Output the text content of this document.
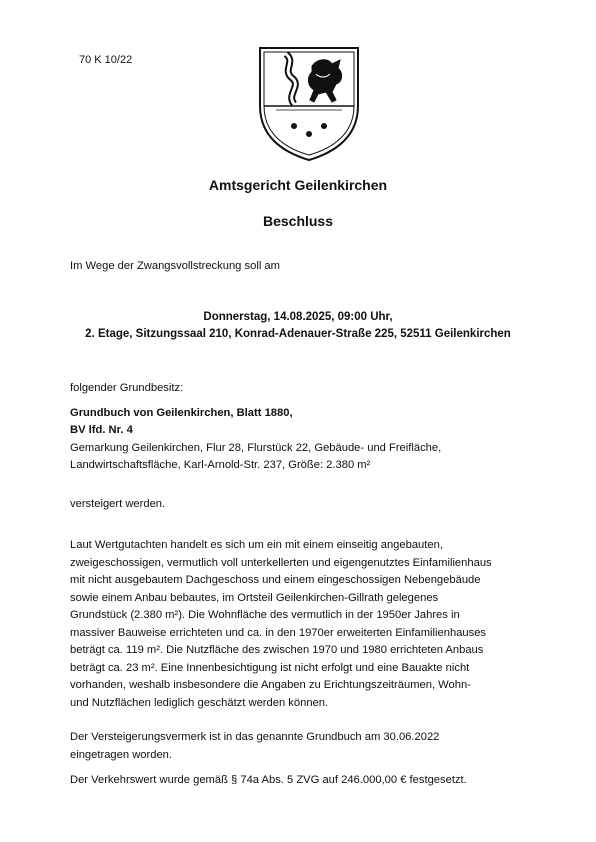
70 K 10/22
Amtsgericht Geilenkirchen
Beschluss
Im Wege der Zwangsvollstreckung soll am
Donnerstag, 14.08.2025, 09:00 Uhr,
2. Etage, Sitzungssaal 210, Konrad-Adenauer-Straße 225, 52511 Geilenkirchen
folgender Grundbesitz:
Grundbuch von Geilenkirchen, Blatt 1880,
BV lfd. Nr. 4
Gemarkung Geilenkirchen, Flur 28, Flurstück 22, Gebäude- und Freifläche,
Landwirtschaftsfläche, Karl-Arnold-Str. 237, Größe: 2.380 m²
versteigert werden.
Laut Wertgutachten handelt es sich um ein mit einem einseitig angebauten,
zweigeschossigen, vermutlich voll unterkellerten und eigengenutztes Einfamilienhaus
mit nicht ausgebautem Dachgeschoss und einem eingeschossigen Nebengebäude
sowie einem Anbau bebautes, im Ortsteil Geilenkirchen-Gillrath gelegenes
Grundstück (2.380 m²). Die Wohnfläche des vermutlich in der 1950er Jahres in
massiver Bauweise errichteten und ca. in den 1970er erweiterten Einfamilienhauses
beträgt ca. 119 m². Die Nutzfläche des zwischen 1970 und 1980 errichteten Anbaus
beträgt ca. 23 m². Eine Innenbesichtigung ist nicht erfolgt und eine Bauakte nicht
vorhanden, weshalb insbesondere die Angaben zu Erichtungszeiträumen, Wohn-
und Nutzflächen lediglich geschätzt werden können.
Der Versteigerungsvermerk ist in das genannte Grundbuch am 30.06.2022
eingetragen worden.
Der Verkehrswert wurde gemäß § 74a Abs. 5 ZVG auf 246.000,00 € festgesetzt.
